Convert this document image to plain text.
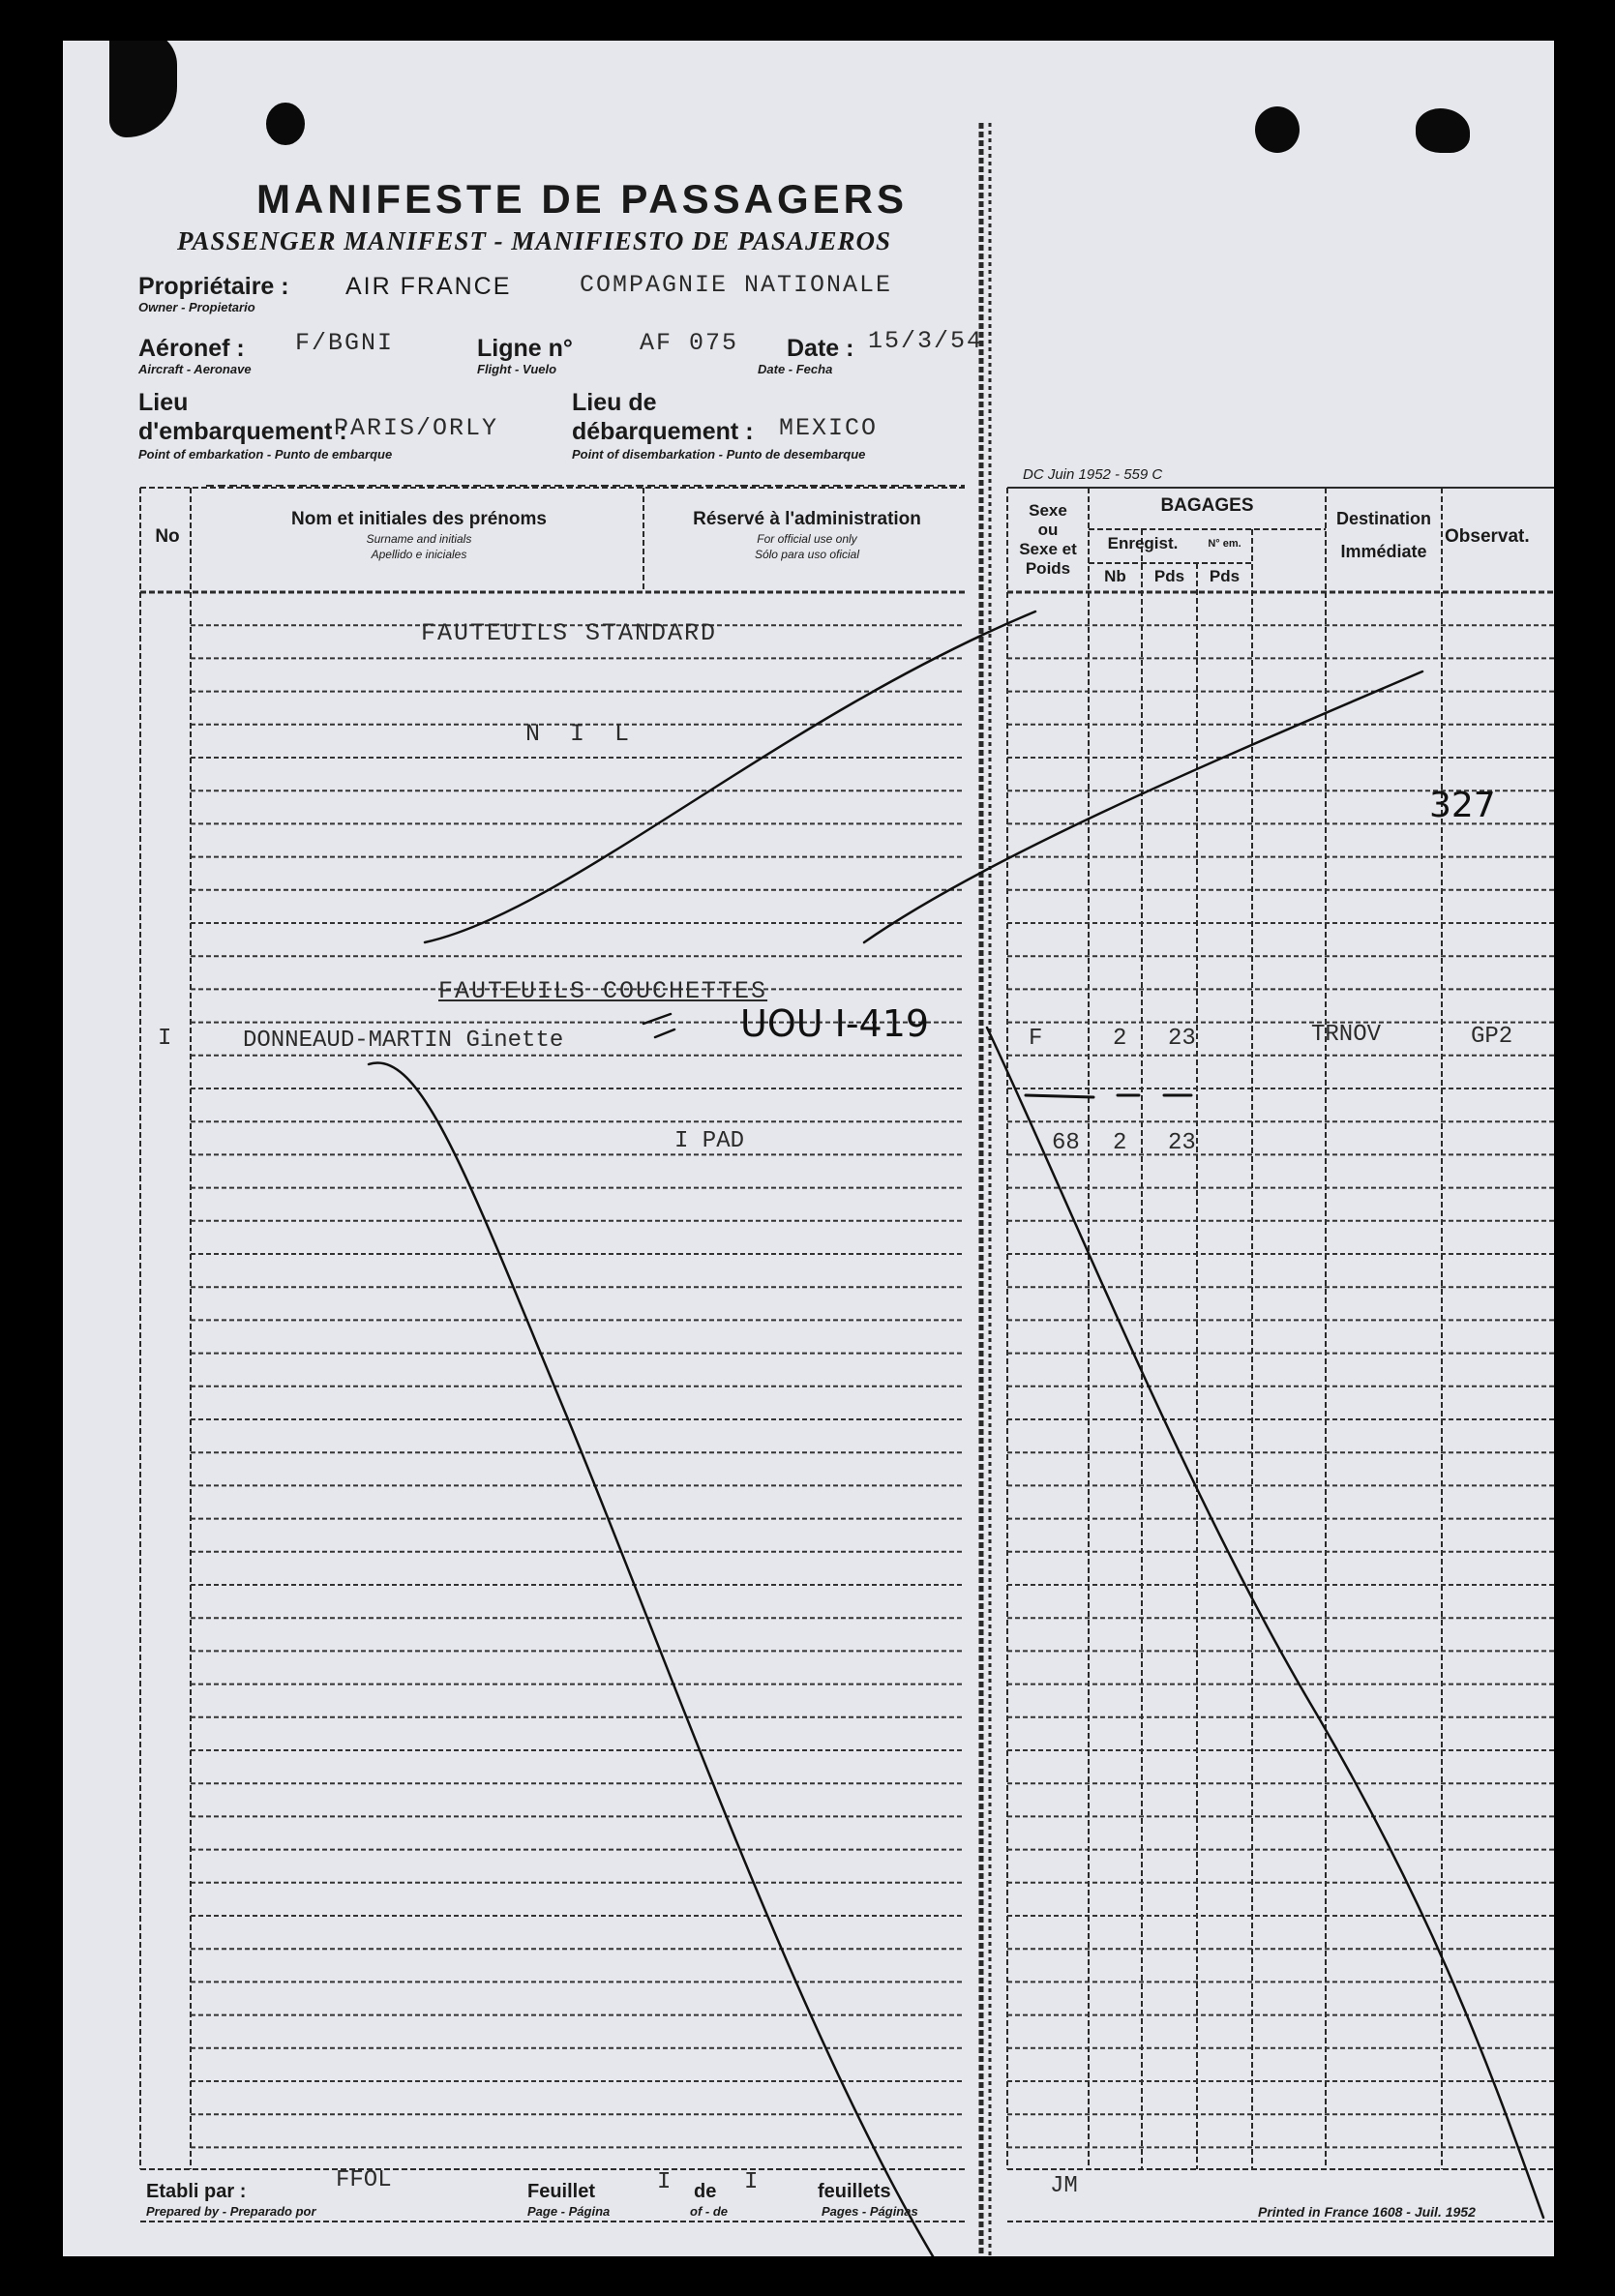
MANIFESTE DE PASSAGERS
PASSENGER MANIFEST - MANIFIESTO DE PASAJEROS
Propriétaire : AIR FRANCE	COMPAGNIE NATIONALE
Owner - Propietario
Aéronef : F/BGNI
Aircraft - Aeronave
Ligne n°	AF 075
Flight - Vuelo
Date : 15/3/54
Date - Fecha
Lieu
d'embarquement :
PARIS/ORLY
Point of embarkation - Punto de embarque
Lieu de
débarquement : MEXICO
Point of disembarkation - Punto de desembarque
DC Juin 1952 - 559 C
No
Nom et initiales des prénoms
Surname and initials
Apellido e iniciales
Réservé à l'administration
For official use only
Sólo para uso oficial
Sexe
ou
Sexe et
Poids
BAGAGES
Enregist.
Nb	Pds
N° em.
Pds
Destination
Immédiate
Observat.
FAUTEUILS STANDARD
N I L
327
FAUTEUILS COUCHETTES
I	DONNEAUD-MARTIN Ginette	UOU I-419	F	2 23	TRNOV	GP2
I PAD	68 2 23
Etabli par :
Prepared by - Preparado por
FFOL	Feuillet	I de I	feuillets
Page - Página	of - de	Pages - Páginas
JM
Printed in France 1608 - Juil. 1952
